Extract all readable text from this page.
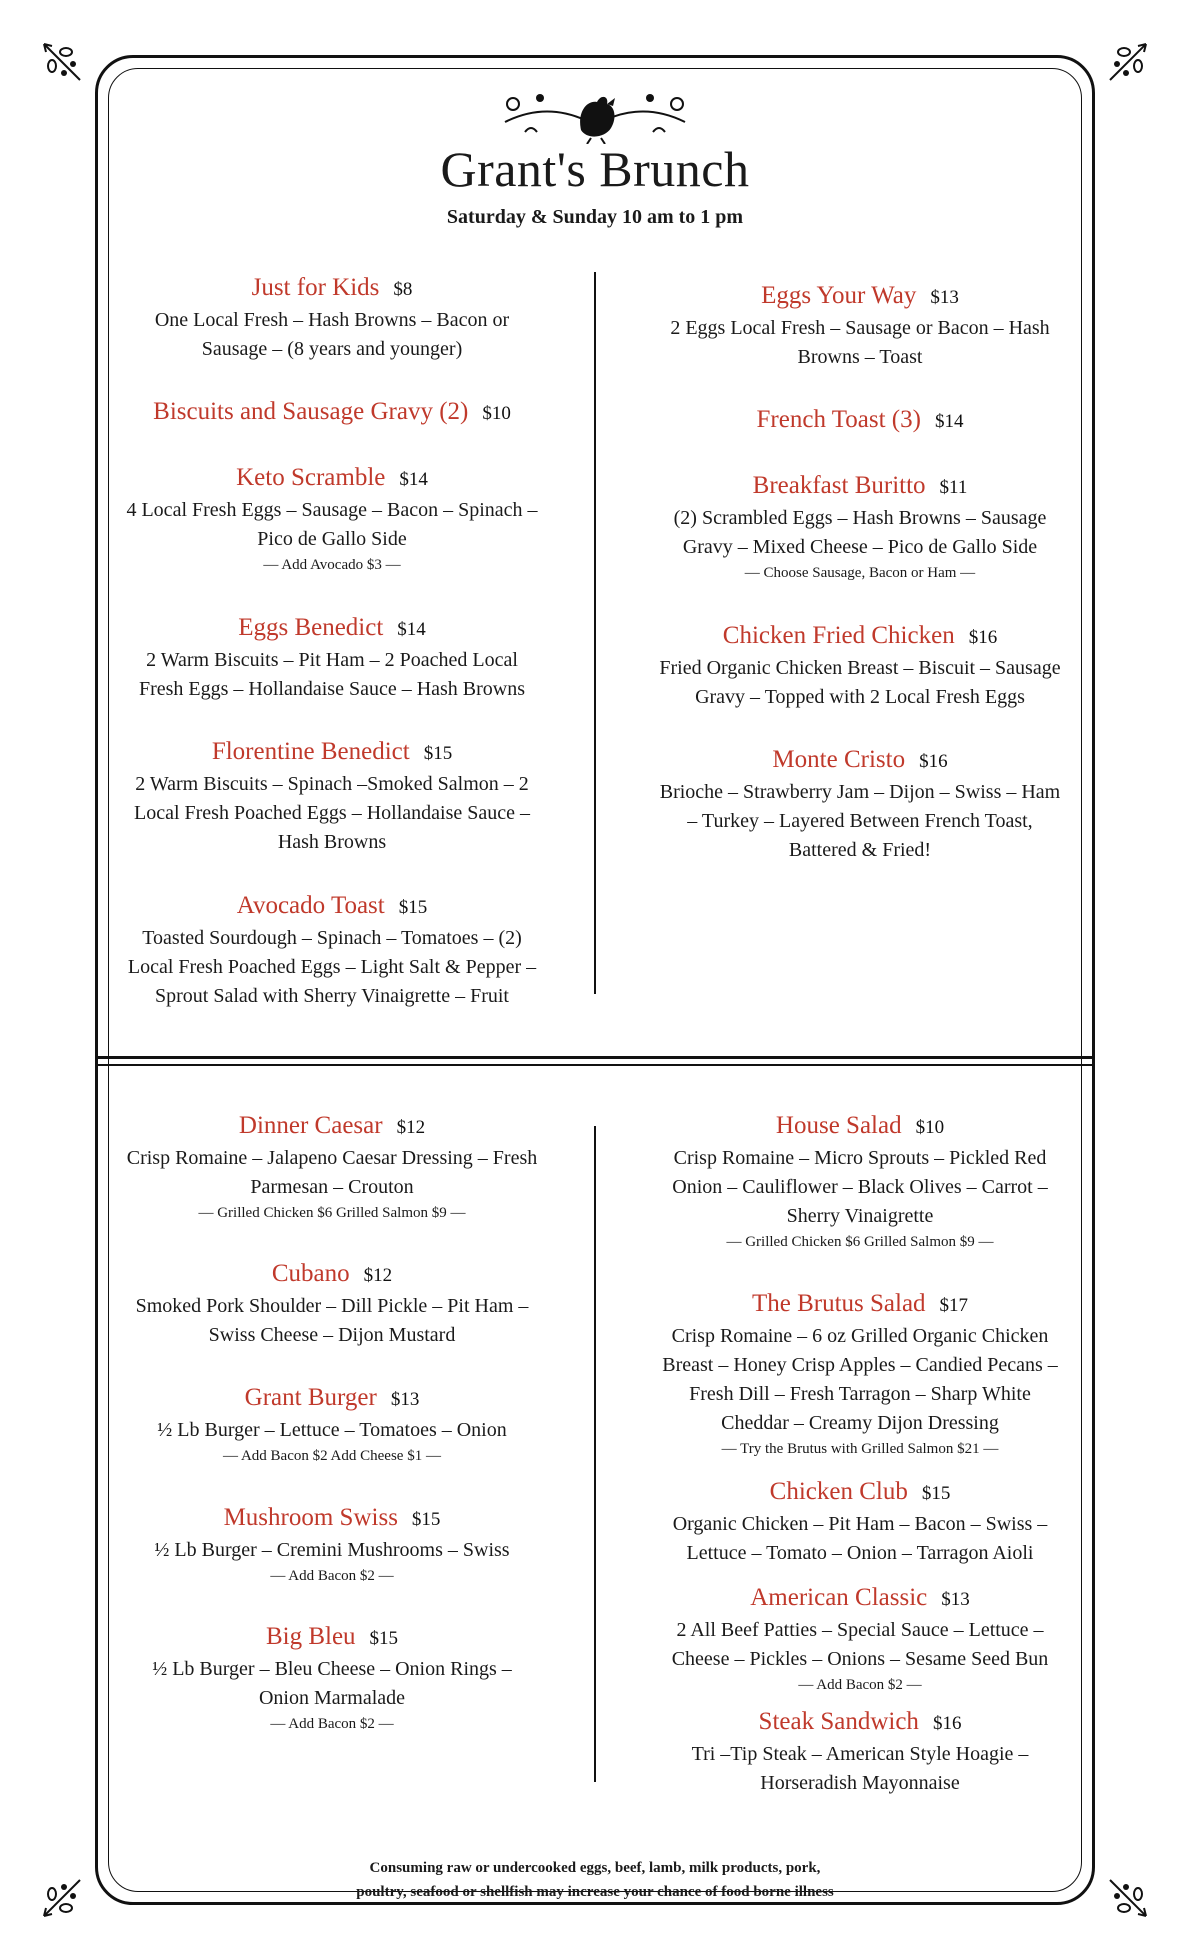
Grant's Brunch
Saturday & Sunday 10 am to 1 pm
Just for Kids $8
One Local Fresh – Hash Browns – Bacon or
Sausage – (8 years and younger)
Biscuits and Sausage Gravy (2) $10
Keto Scramble $14
4 Local Fresh Eggs – Sausage – Bacon – Spinach –
Pico de Gallo Side
— Add Avocado $3 —
Eggs Benedict $14
2 Warm Biscuits – Pit Ham – 2 Poached Local
Fresh Eggs – Hollandaise Sauce – Hash Browns
Florentine Benedict $15
2 Warm Biscuits – Spinach –Smoked Salmon – 2
Local Fresh Poached Eggs – Hollandaise Sauce –
Hash Browns
Avocado Toast $15
Toasted Sourdough – Spinach – Tomatoes – (2)
Local Fresh Poached Eggs – Light Salt & Pepper –
Sprout Salad with Sherry Vinaigrette – Fruit
Eggs Your Way $13
2 Eggs Local Fresh – Sausage or Bacon – Hash
Browns – Toast
French Toast (3) $14
Breakfast Buritto $11
(2) Scrambled Eggs – Hash Browns – Sausage
Gravy – Mixed Cheese – Pico de Gallo Side
— Choose Sausage, Bacon or Ham —
Chicken Fried Chicken $16
Fried Organic Chicken Breast – Biscuit – Sausage
Gravy – Topped with 2 Local Fresh Eggs
Monte Cristo $16
Brioche – Strawberry Jam – Dijon – Swiss – Ham
– Turkey – Layered Between French Toast,
Battered & Fried!
Dinner Caesar $12
Crisp Romaine – Jalapeno Caesar Dressing – Fresh
Parmesan – Crouton
— Grilled Chicken $6 Grilled Salmon $9 —
Cubano $12
Smoked Pork Shoulder – Dill Pickle – Pit Ham –
Swiss Cheese – Dijon Mustard
Grant Burger $13
½ Lb Burger – Lettuce – Tomatoes – Onion
— Add Bacon $2 Add Cheese $1 —
Mushroom Swiss $15
½ Lb Burger – Cremini Mushrooms – Swiss
— Add Bacon $2 —
Big Bleu $15
½ Lb Burger – Bleu Cheese – Onion Rings –
Onion Marmalade
— Add Bacon $2 —
House Salad $10
Crisp Romaine – Micro Sprouts – Pickled Red
Onion – Cauliflower – Black Olives – Carrot –
Sherry Vinaigrette
— Grilled Chicken $6 Grilled Salmon $9 —
The Brutus Salad $17
Crisp Romaine – 6 oz Grilled Organic Chicken
Breast – Honey Crisp Apples – Candied Pecans –
Fresh Dill – Fresh Tarragon – Sharp White
Cheddar – Creamy Dijon Dressing
— Try the Brutus with Grilled Salmon $21 —
Chicken Club $15
Organic Chicken – Pit Ham – Bacon – Swiss –
Lettuce – Tomato – Onion – Tarragon Aioli
American Classic $13
2 All Beef Patties – Special Sauce – Lettuce –
Cheese – Pickles – Onions – Sesame Seed Bun
— Add Bacon $2 —
Steak Sandwich $16
Tri –Tip Steak – American Style Hoagie –
Horseradish Mayonnaise
Consuming raw or undercooked eggs, beef, lamb, milk products, pork,
poultry, seafood or shellfish may increase your chance of food borne illness
